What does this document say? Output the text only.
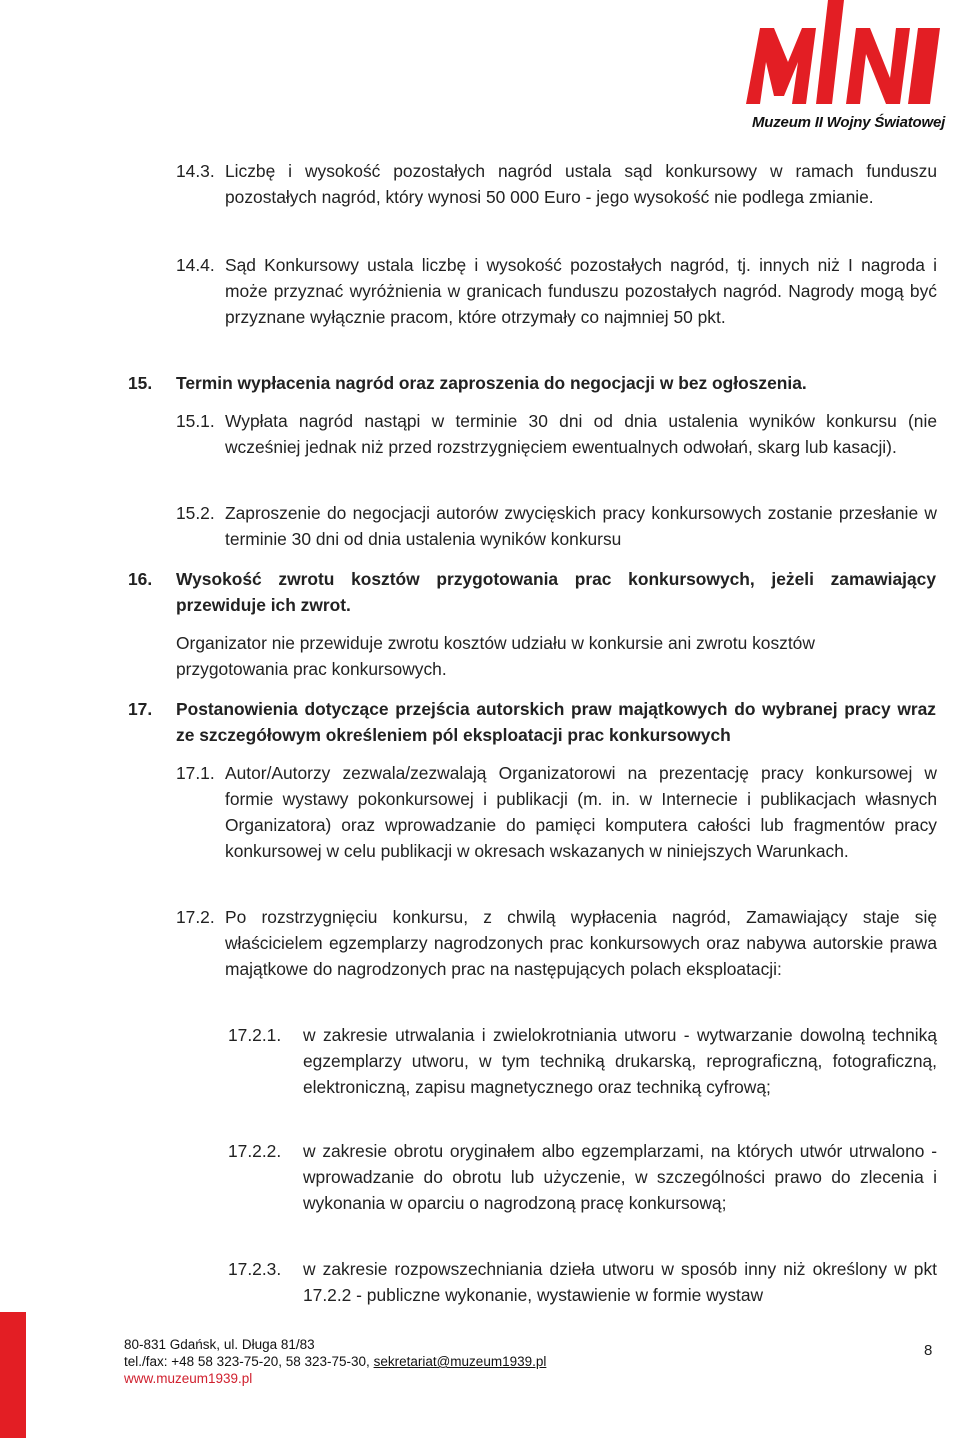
Muzeum II Wojny Światowej
14.3. Liczbę i wysokość pozostałych nagród ustala sąd konkursowy w ramach funduszu pozostałych nagród, który wynosi 50 000 Euro - jego wysokość nie podlega zmianie.
14.4. Sąd Konkursowy ustala liczbę i wysokość pozostałych nagród, tj. innych niż I nagroda i może przyznać wyróżnienia w granicach funduszu pozostałych nagród. Nagrody mogą być przyznane wyłącznie pracom, które otrzymały co najmniej 50 pkt.
15. Termin wypłacenia nagród oraz zaproszenia do negocjacji w bez ogłoszenia.
15.1. Wypłata nagród nastąpi w terminie 30 dni od dnia ustalenia wyników konkursu (nie wcześniej jednak niż przed rozstrzygnięciem ewentualnych odwołań, skarg lub kasacji).
15.2. Zaproszenie do negocjacji autorów zwycięskich pracy konkursowych zostanie przesłanie w terminie 30 dni od dnia ustalenia wyników konkursu
16. Wysokość zwrotu kosztów przygotowania prac konkursowych, jeżeli zamawiający przewiduje ich zwrot.
Organizator nie przewiduje zwrotu kosztów udziału w konkursie ani zwrotu kosztów przygotowania prac konkursowych.
17. Postanowienia dotyczące przejścia autorskich praw majątkowych do wybranej pracy wraz ze szczegółowym określeniem pól eksploatacji prac konkursowych
17.1. Autor/Autorzy zezwala/zezwalają Organizatorowi na prezentację pracy konkursowej w formie wystawy pokonkursowej i publikacji (m. in. w Internecie i publikacjach własnych Organizatora) oraz wprowadzanie do pamięci komputera całości lub fragmentów pracy konkursowej w celu publikacji w okresach wskazanych w niniejszych Warunkach.
17.2. Po rozstrzygnięciu konkursu, z chwilą wypłacenia nagród, Zamawiający staje się właścicielem egzemplarzy nagrodzonych prac konkursowych oraz nabywa autorskie prawa majątkowe do nagrodzonych prac na następujących polach eksploatacji:
17.2.1. w zakresie utrwalania i zwielokrotniania utworu - wytwarzanie dowolną techniką egzemplarzy utworu, w tym techniką drukarską, reprograficzną, fotograficzną, elektroniczną, zapisu magnetycznego oraz techniką cyfrową;
17.2.2. w zakresie obrotu oryginałem albo egzemplarzami, na których utwór utrwalono - wprowadzanie do obrotu lub użyczenie, w szczególności prawo do zlecenia i wykonania w oparciu o nagrodzoną pracę konkursową;
17.2.3. w zakresie rozpowszechniania dzieła utworu w sposób inny niż określony w pkt 17.2.2 - publiczne wykonanie, wystawienie w formie wystaw
80-831 Gdańsk, ul. Długa 81/83
tel./fax: +48 58 323-75-20, 58 323-75-30, sekretariat@muzeum1939.pl
www.muzeum1939.pl
8
